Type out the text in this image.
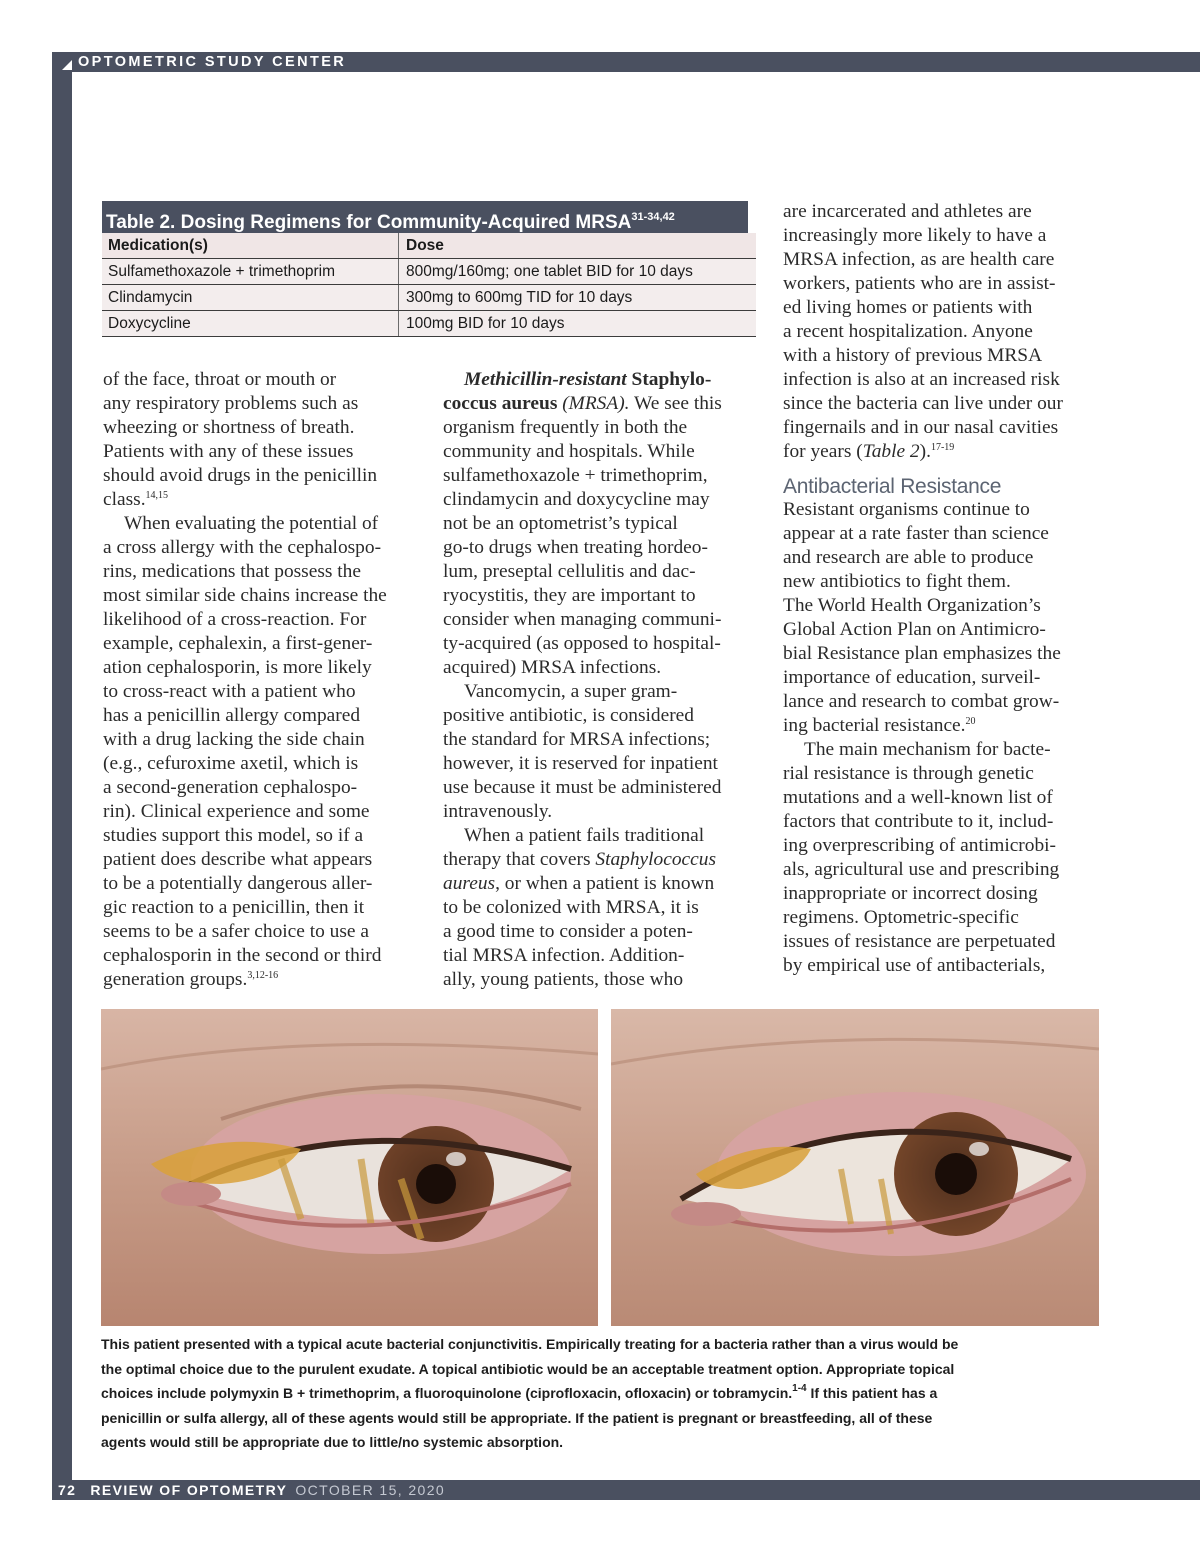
OPTOMETRIC STUDY CENTER
Table 2. Dosing Regimens for Community-Acquired MRSA$^{31-34,42}$
Medication(s)	Dose
Sulfamethoxazole + trimethoprim	800mg/160mg; one tablet BID for 10 days
Clindamycin	300mg to 600mg TID for 10 days
Doxycycline	100mg BID for 10 days

of the face, throat or mouth or

any respiratory problems such as

wheezing or shortness of breath.

Patients with any of these issues

should avoid drugs in the penicillin

class.$^{14,15}$

When evaluating the potential of

a cross allergy with the cephalospo-

rins, medications that possess the

most similar side chains increase the

likelihood of a cross-reaction. For

example, cephalexin, a first-gener-

ation cephalosporin, is more likely

to cross-react with a patient who

has a penicillin allergy compared

with a drug lacking the side chain

(e.g., cefuroxime axetil, which is

a second-generation cephalospo-

rin). Clinical experience and some

studies support this model, so if a

patient does describe what appears

to be a potentially dangerous aller-

gic reaction to a penicillin, then it

seems to be a safer choice to use a

cephalosporin in the second or third

generation groups.$^{3,12-16}$

Methicillin-resistant Staphylo-

coccus aureus (MRSA). We see this

organism frequently in both the

community and hospitals. While

sulfamethoxazole + trimethoprim,

clindamycin and doxycycline may

not be an optometrist’s typical

go-to drugs when treating hordeo-

lum, preseptal cellulitis and dac-

ryocystitis, they are important to

consider when managing communi-

ty-acquired (as opposed to hospital-

acquired) MRSA infections.

Vancomycin, a super gram-

positive antibiotic, is considered

the standard for MRSA infections;

however, it is reserved for inpatient

use because it must be administered

intravenously.

When a patient fails traditional

therapy that covers Staphylococcus

aureus, or when a patient is known

to be colonized with MRSA, it is

a good time to consider a poten-

tial MRSA infection. Addition-

ally, young patients, those who

are incarcerated and athletes are

increasingly more likely to have a

MRSA infection, as are health care

workers, patients who are in assist-

ed living homes or patients with

a recent hospitalization. Anyone

with a history of previous MRSA

infection is also at an increased risk

since the bacteria can live under our

fingernails and in our nasal cavities

for years (Table 2).$^{17-19}$

Antibacterial Resistance

Resistant organisms continue to

appear at a rate faster than science

and research are able to produce

new antibiotics to fight them.

The World Health Organization’s

Global Action Plan on Antimicro-

bial Resistance plan emphasizes the

importance of education, surveil-

lance and research to combat grow-

ing bacterial resistance.$^{20}$

The main mechanism for bacte-

rial resistance is through genetic

mutations and a well-known list of

factors that contribute to it, includ-

ing overprescribing of antimicrobi-

als, agricultural use and prescribing

inappropriate or incorrect dosing

regimens. Optometric-specific

issues of resistance are perpetuated

by empirical use of antibacterials,

This patient presented with a typical acute bacterial conjunctivitis. Empirically treating for a bacteria rather than a virus would be

the optimal choice due to the purulent exudate. A topical antibiotic would be an acceptable treatment option. Appropriate topical

choices include polymyxin B + trimethoprim, a fluoroquinolone (ciprofloxacin, ofloxacin) or tobramycin.$^{1-4}$ If this patient has a

penicillin or sulfa allergy, all of these agents would still be appropriate. If the patient is pregnant or breastfeeding, all of these

agents would still be appropriate due to little/no systemic absorption.

72 REVIEW OF OPTOMETRY OCTOBER 15, 2020
